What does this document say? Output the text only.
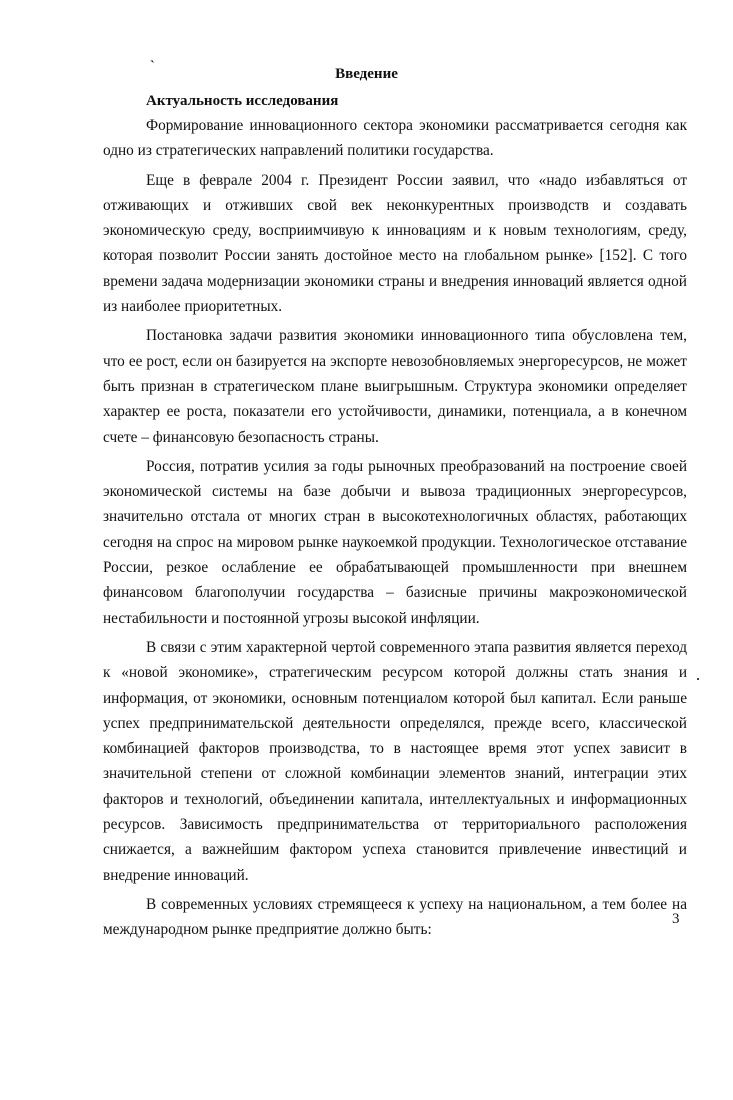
`	Введение
Актуальность исследования

Формирование инновационного сектора экономики рассматривается сегодня как одно из стратегических направлений политики государства.

Еще в феврале 2004 г. Президент России заявил, что «надо избавляться от отживающих и отживших свой век неконкурентных производств и создавать экономическую среду, восприимчивую к инновациям и к новым технологиям, среду, которая позволит России занять достойное место на глобальном рынке» [152]. С того времени задача модернизации экономики страны и внедрения инноваций является одной из наиболее приоритетных.

Постановка задачи развития экономики инновационного типа обусловлена тем, что ее рост, если он базируется на экспорте невозобновляемых энергоресурсов, не может быть признан в стратегическом плане выигрышным. Структура экономики определяет характер ее роста, показатели его устойчивости, динамики, потенциала, а в конечном счете – финансовую безопасность страны.

Россия, потратив усилия за годы рыночных преобразований на построение своей экономической системы на базе добычи и вывоза традиционных энергоресурсов, значительно отстала от многих стран в высокотехнологичных областях, работающих сегодня на спрос на мировом рынке наукоемкой продукции. Технологическое отставание России, резкое ослабление ее обрабатывающей промышленности при внешнем финансовом благополучии государства – базисные причины макроэкономической нестабильности и постоянной угрозы высокой инфляции.

В связи с этим характерной чертой современного этапа развития является переход к «новой экономике», стратегическим ресурсом которой должны стать знания и информация, от экономики, основным потенциалом которой был капитал. Если раньше успех предпринимательской деятельности определялся, прежде всего, классической комбинацией факторов производства, то в настоящее время этот успех зависит в значительной степени от сложной комбинации элементов знаний, интеграции этих факторов и технологий, объединении капитала, интеллектуальных и информационных ресурсов. Зависимость предпринимательства от территориального расположения снижается, а важнейшим фактором успеха становится привлечение инвестиций и внедрение инноваций.

В современных условиях стремящееся к успеху на национальном, а тем более на международном рынке предприятие должно быть:

3
